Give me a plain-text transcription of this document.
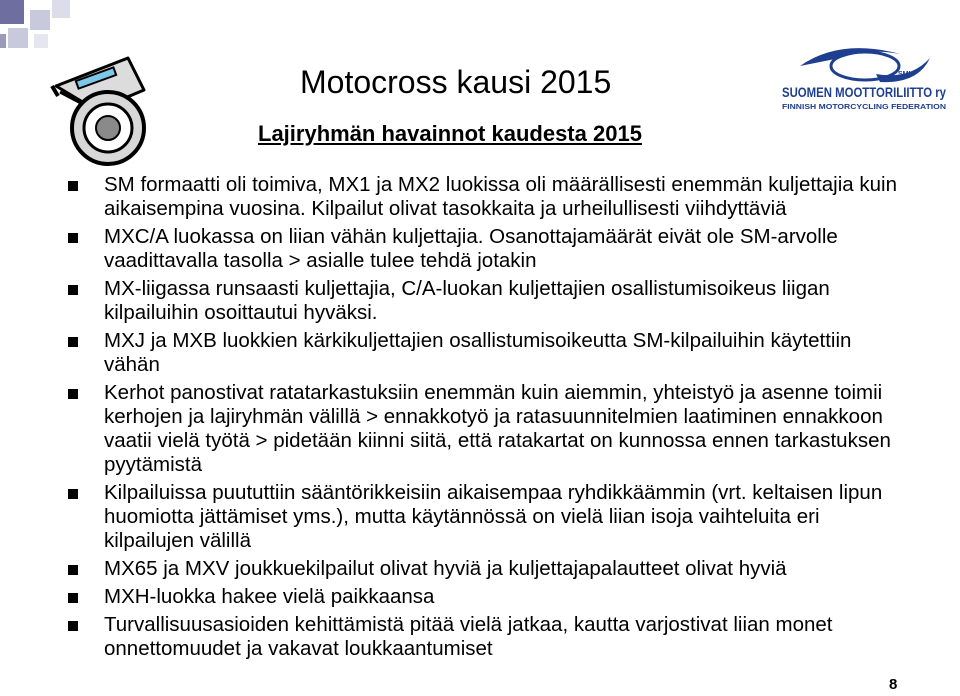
SML
SUOMEN MOOTTORILIITTO ry
FINNISH MOTORCYCLING FEDERATION
Motocross kausi 2015
Lajiryhmän havainnot kaudesta 2015
SM formaatti oli toimiva, MX1 ja MX2 luokissa oli määrällisesti enemmän kuljettajia kuin aikaisempina vuosina. Kilpailut olivat tasokkaita ja urheilullisesti viihdyttäviä
MXC/A luokassa on liian vähän kuljettajia. Osanottajamäärät eivät ole SM-arvolle vaadittavalla tasolla > asialle tulee tehdä jotakin
MX-liigassa runsaasti kuljettajia, C/A-luokan kuljettajien osallistumisoikeus liigan kilpailuihin osoittautui hyväksi.
MXJ ja MXB luokkien kärkikuljettajien osallistumisoikeutta SM-kilpailuihin käytettiin vähän
Kerhot panostivat ratatarkastuksiin enemmän kuin aiemmin, yhteistyö ja asenne toimii kerhojen ja lajiryhmän välillä > ennakkotyö ja ratasuunnitelmien laatiminen ennakkoon vaatii vielä työtä > pidetään kiinni siitä, että ratakartat on kunnossa ennen tarkastuksen pyytämistä
Kilpailuissa puututtiin sääntörikkeisiin aikaisempaa ryhdikkäämmin (vrt. keltaisen lipun huomiotta jättämiset yms.), mutta käytännössä on vielä liian isoja vaihteluita eri kilpailujen välillä
MX65 ja MXV joukkuekilpailut olivat hyviä ja kuljettajapalautteet olivat hyviä
MXH-luokka hakee vielä paikkaansa
Turvallisuusasioiden kehittämistä pitää vielä jatkaa, kautta varjostivat liian monet onnettomuudet ja vakavat loukkaantumiset
8
